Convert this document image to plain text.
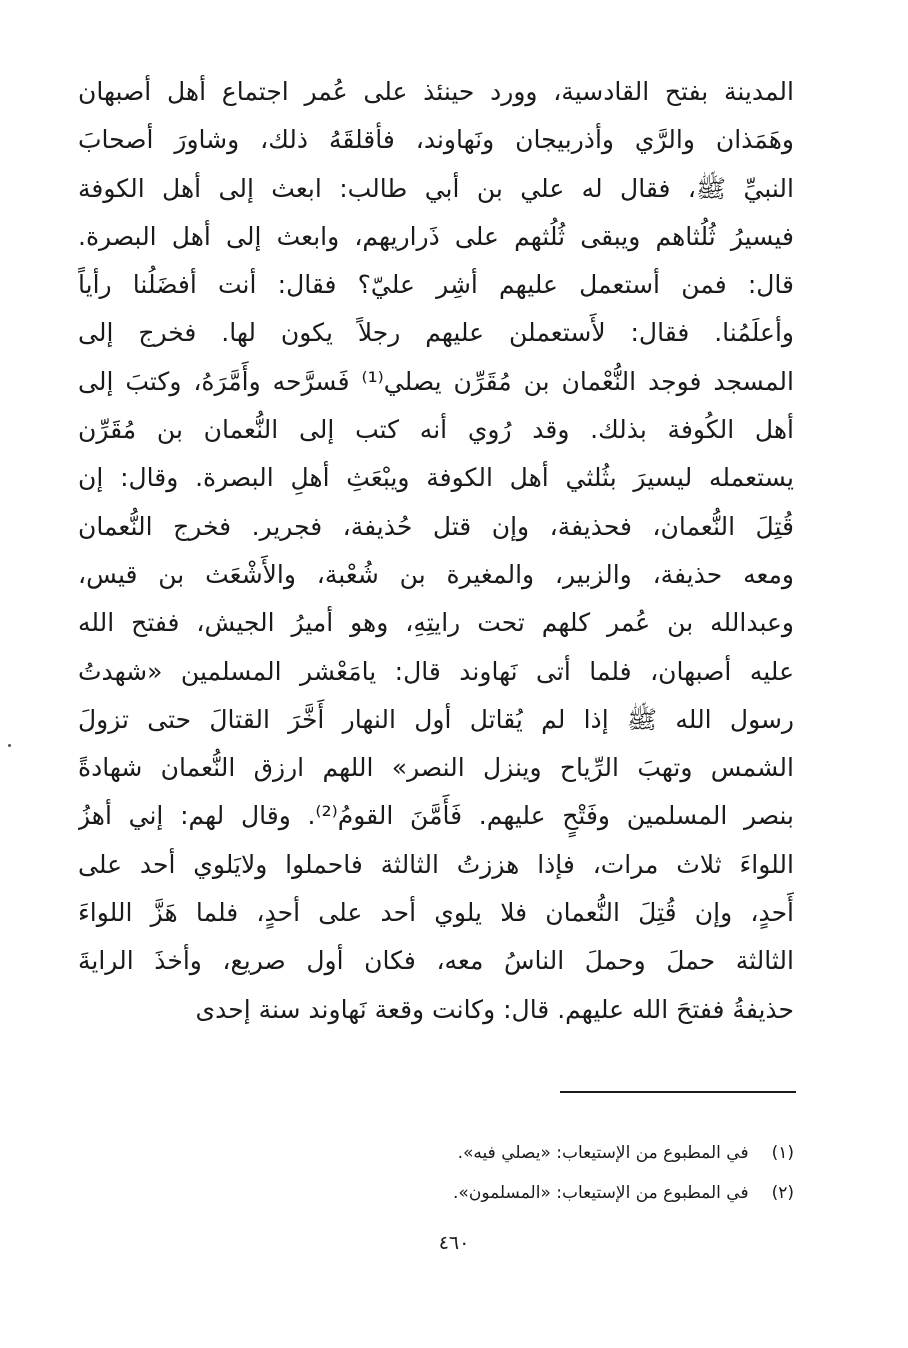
المدينة بفتح القادسية، وورد حينئذ على عُمر اجتماع أهل أصبهان
وهَمَذان والرَّي وأذربيجان ونَهاوند، فأقلقَهُ ذلك، وشاورَ أصحابَ
النبيِّ ﷺ، فقال له علي بن أبي طالب: ابعث إلى أهل الكوفة
فيسيرُ ثُلُثاهم ويبقى ثُلُثهم على ذَراريهم، وابعث إلى أهل البصرة.
قال: فمن أستعمل عليهم أشِر عليّ؟ فقال: أنت أفضَلُنا رأياً
وأعلَمُنا. فقال: لأَستعملن عليهم رجلاً يكون لها. فخرج إلى
المسجد فوجد النُّعْمان بن مُقَرِّن يصلي⁽¹⁾ فَسرَّحه وأَمَّرَهُ، وكتبَ إلى
أهل الكُوفة بذلك. وقد رُوي أنه كتب إلى النُّعمان بن مُقَرِّن
يستعمله ليسيرَ بثُلثي أهل الكوفة ويبْعَثِ أهلِ البصرة. وقال: إن
قُتِلَ النُّعمان، فحذيفة، وإن قتل حُذيفة، فجرير. فخرج النُّعمان
ومعه حذيفة، والزبير، والمغيرة بن شُعْبة، والأَشْعَث بن قيس،
وعبدالله بن عُمر كلهم تحت رايتِهِ، وهو أميرُ الجيش، ففتح الله
عليه أصبهان، فلما أتى نَهاوند قال: يامَعْشر المسلمين «شهدتُ
رسول الله ﷺ إذا لم يُقاتل أول النهار أَخَّرَ القتالَ حتى تزولَ
الشمس وتهبَ الرِّياح وينزل النصر» اللهم ارزق النُّعمان شهادةً
بنصر المسلمين وفَتْحٍ عليهم. فَأَمَّنَ القومُ⁽²⁾. وقال لهم: إني أهزُ
اللواءَ ثلاث مرات، فإذا هززتُ الثالثة فاحملوا ولايَلوي أحد على
أَحدٍ، وإن قُتِلَ النُّعمان فلا يلوي أحد على أحدٍ، فلما هَزَّ اللواءَ
الثالثة حملَ وحملَ الناسُ معه، فكان أول صريع، وأخذَ الرايةَ
حذيفةُ ففتحَ الله عليهم. قال: وكانت وقعة نَهاوند سنة إحدى
(١) في المطبوع من الإستيعاب: «يصلي فيه».
(٢) في المطبوع من الإستيعاب: «المسلمون».
٤٦٠
